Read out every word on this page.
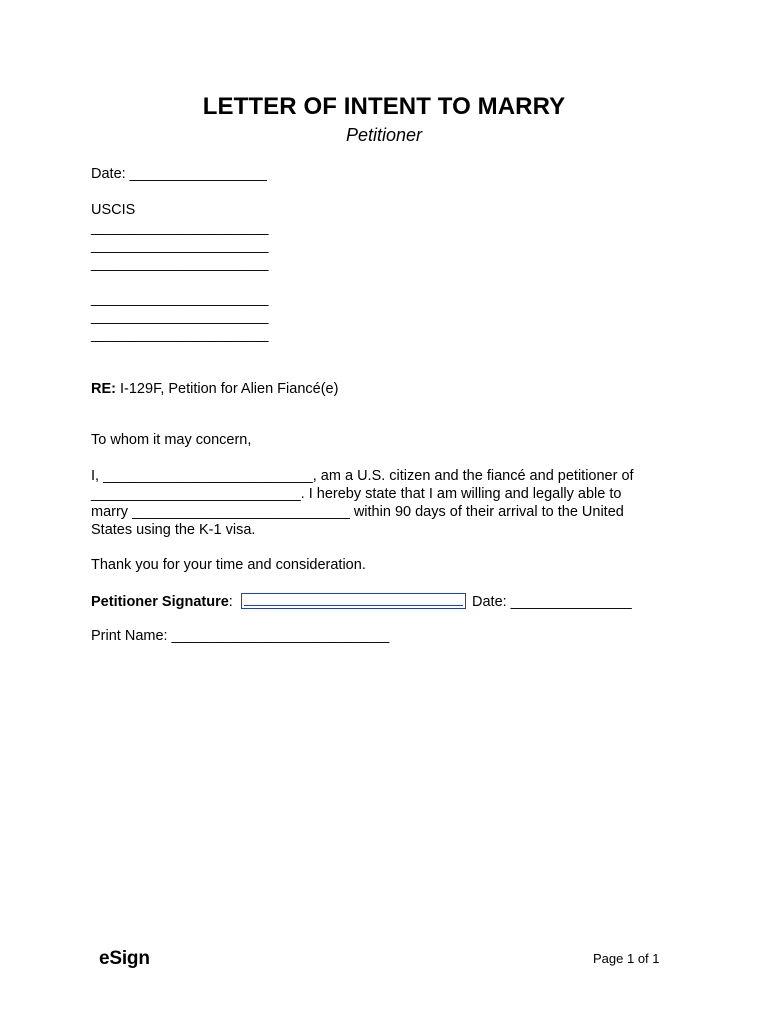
LETTER OF INTENT TO MARRY
Petitioner
Date: _________________
USCIS
______________________
______________________
______________________
______________________
______________________
______________________
RE: I-129F, Petition for Alien Fiancé(e)
To whom it may concern,
I, __________________________, am a U.S. citizen and the fiancé and petitioner of
__________________________. I hereby state that I am willing and legally able to
marry ___________________________ within 90 days of their arrival to the United
States using the K-1 visa.
Thank you for your time and consideration.
Petitioner Signature:	Date: _______________
Print Name: ___________________________
eSign	Page 1 of 1
